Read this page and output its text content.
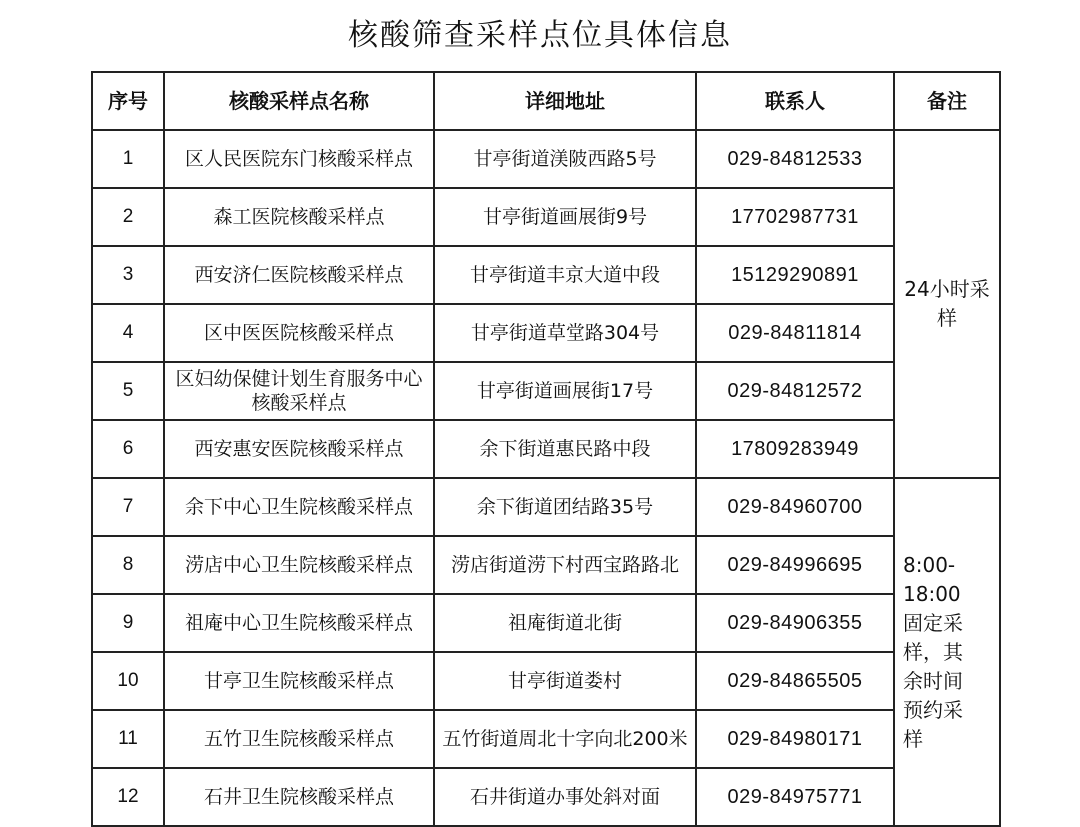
核酸筛查采样点位具体信息
序号	核酸采样点名称	详细地址	联系人	备注
1	区人民医院东门核酸采样点	甘亭街道渼陂西路5号	029-84812533	24小时采样
2	森工医院核酸采样点	甘亭街道画展街9号	17702987731	
3	西安济仁医院核酸采样点	甘亭街道丰京大道中段	15129290891	
4	区中医医院核酸采样点	甘亭街道草堂路304号	029-84811814	
5	区妇幼保健计划生育服务中心核酸采样点	甘亭街道画展街17号	029-84812572	
6	西安惠安医院核酸采样点	余下街道惠民路中段	17809283949	
7	余下中心卫生院核酸采样点	余下街道团结路35号	029-84960700	8:00-18:00固定采样，其余时间预约采样
8	涝店中心卫生院核酸采样点	涝店街道涝下村西宝路路北	029-84996695	
9	祖庵中心卫生院核酸采样点	祖庵街道北街	029-84906355	
10	甘亭卫生院核酸采样点	甘亭街道娄村	029-84865505	
11	五竹卫生院核酸采样点	五竹街道周北十字向北200米	029-84980171	
12	石井卫生院核酸采样点	石井街道办事处斜对面	029-84975771	
